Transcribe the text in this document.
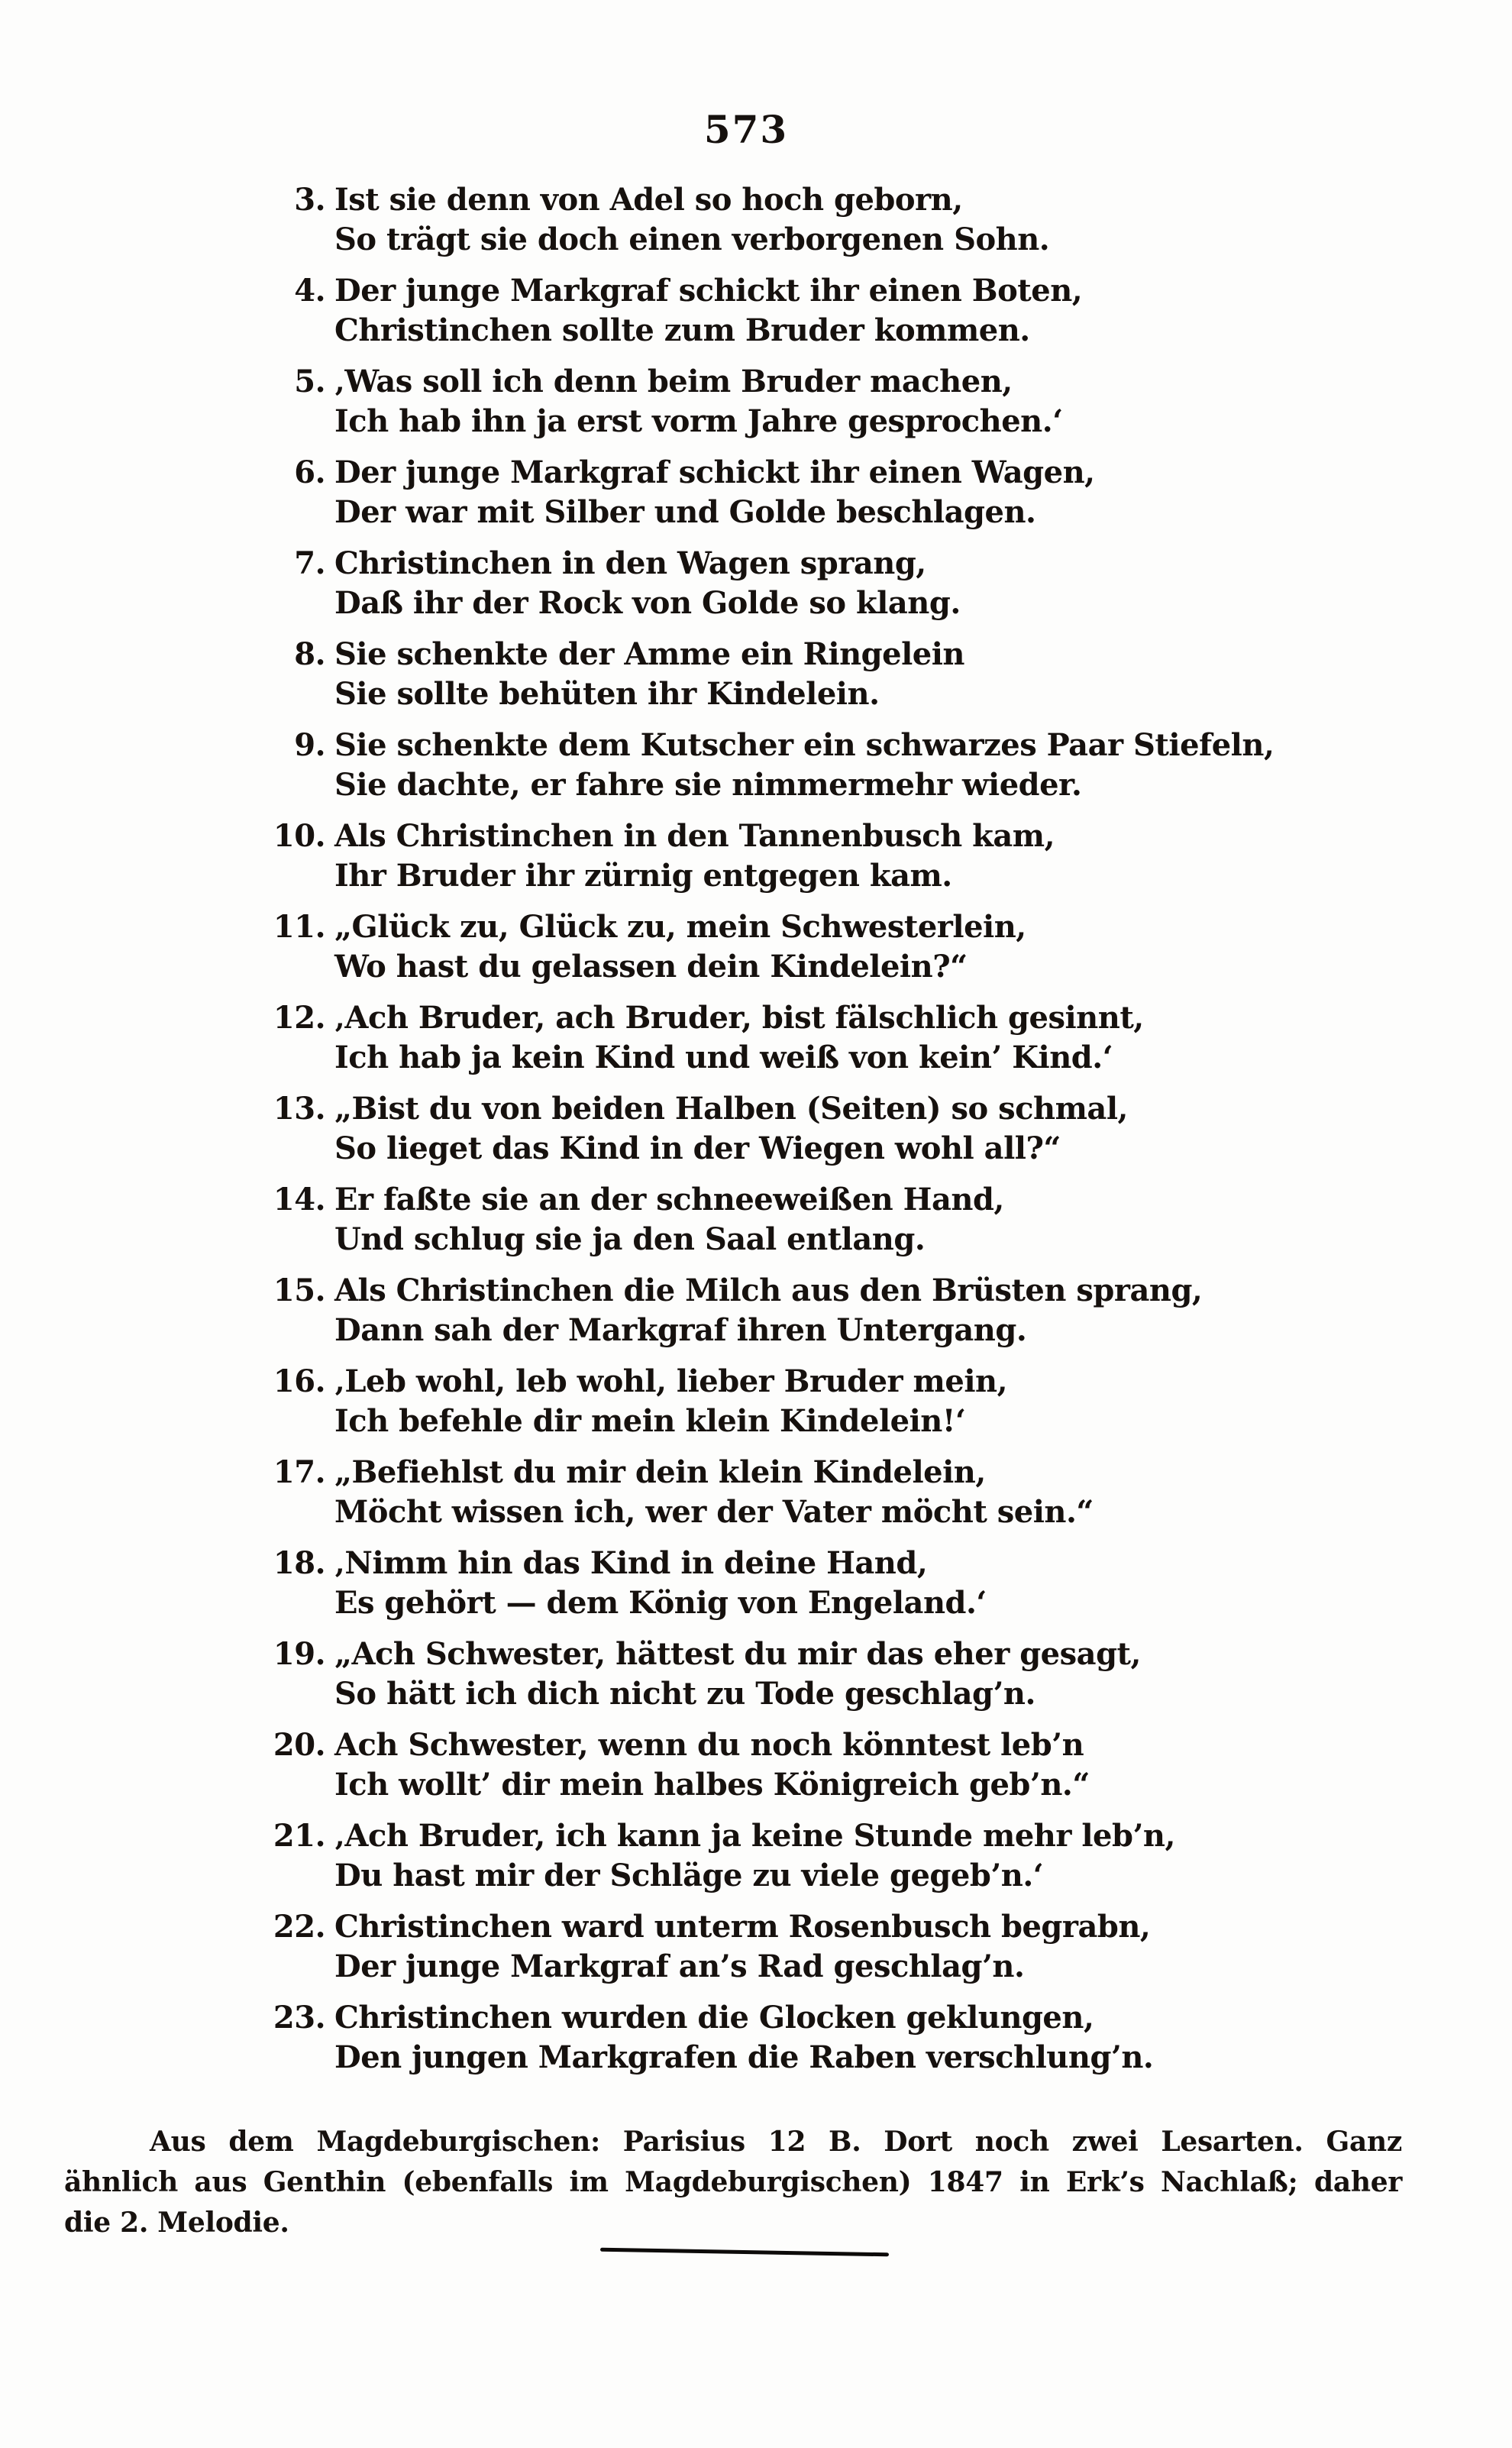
573
3. Ist sie denn von Adel so hoch geborn,
So trägt sie doch einen verborgenen Sohn.
4. Der junge Markgraf schickt ihr einen Boten,
Christinchen sollte zum Bruder kommen.
5. ‚Was soll ich denn beim Bruder machen,
Ich hab ihn ja erst vorm Jahre gesprochen.‘
6. Der junge Markgraf schickt ihr einen Wagen,
Der war mit Silber und Golde beschlagen.
7. Christinchen in den Wagen sprang,
Daß ihr der Rock von Golde so klang.
8. Sie schenkte der Amme ein Ringelein
Sie sollte behüten ihr Kindelein.
9. Sie schenkte dem Kutscher ein schwarzes Paar Stiefeln,
Sie dachte, er fahre sie nimmermehr wieder.
10. Als Christinchen in den Tannenbusch kam,
Ihr Bruder ihr zürnig entgegen kam.
11. „Glück zu, Glück zu, mein Schwesterlein,
Wo hast du gelassen dein Kindelein?“
12. ‚Ach Bruder, ach Bruder, bist fälschlich gesinnt,
Ich hab ja kein Kind und weiß von kein’ Kind.‘
13. „Bist du von beiden Halben (Seiten) so schmal,
So lieget das Kind in der Wiegen wohl all?“
14. Er faßte sie an der schneeweißen Hand,
Und schlug sie ja den Saal entlang.
15. Als Christinchen die Milch aus den Brüsten sprang,
Dann sah der Markgraf ihren Untergang.
16. ‚Leb wohl, leb wohl, lieber Bruder mein,
Ich befehle dir mein klein Kindelein!‘
17. „Befiehlst du mir dein klein Kindelein,
Möcht wissen ich, wer der Vater möcht sein.“
18. ‚Nimm hin das Kind in deine Hand,
Es gehört — dem König von Engeland.‘
19. „Ach Schwester, hättest du mir das eher gesagt,
So hätt ich dich nicht zu Tode geschlag’n.
20. Ach Schwester, wenn du noch könntest leb’n
Ich wollt’ dir mein halbes Königreich geb’n.“
21. ‚Ach Bruder, ich kann ja keine Stunde mehr leb’n,
Du hast mir der Schläge zu viele gegeb’n.‘
22. Christinchen ward unterm Rosenbusch begrabn,
Der junge Markgraf an’s Rad geschlag’n.
23. Christinchen wurden die Glocken geklungen,
Den jungen Markgrafen die Raben verschlung’n.
Aus dem Magdeburgischen: Parisius 12 B. Dort noch zwei Lesarten. Ganz
ähnlich aus Genthin (ebenfalls im Magdeburgischen) 1847 in Erk’s Nachlaß; daher
die 2. Melodie.
